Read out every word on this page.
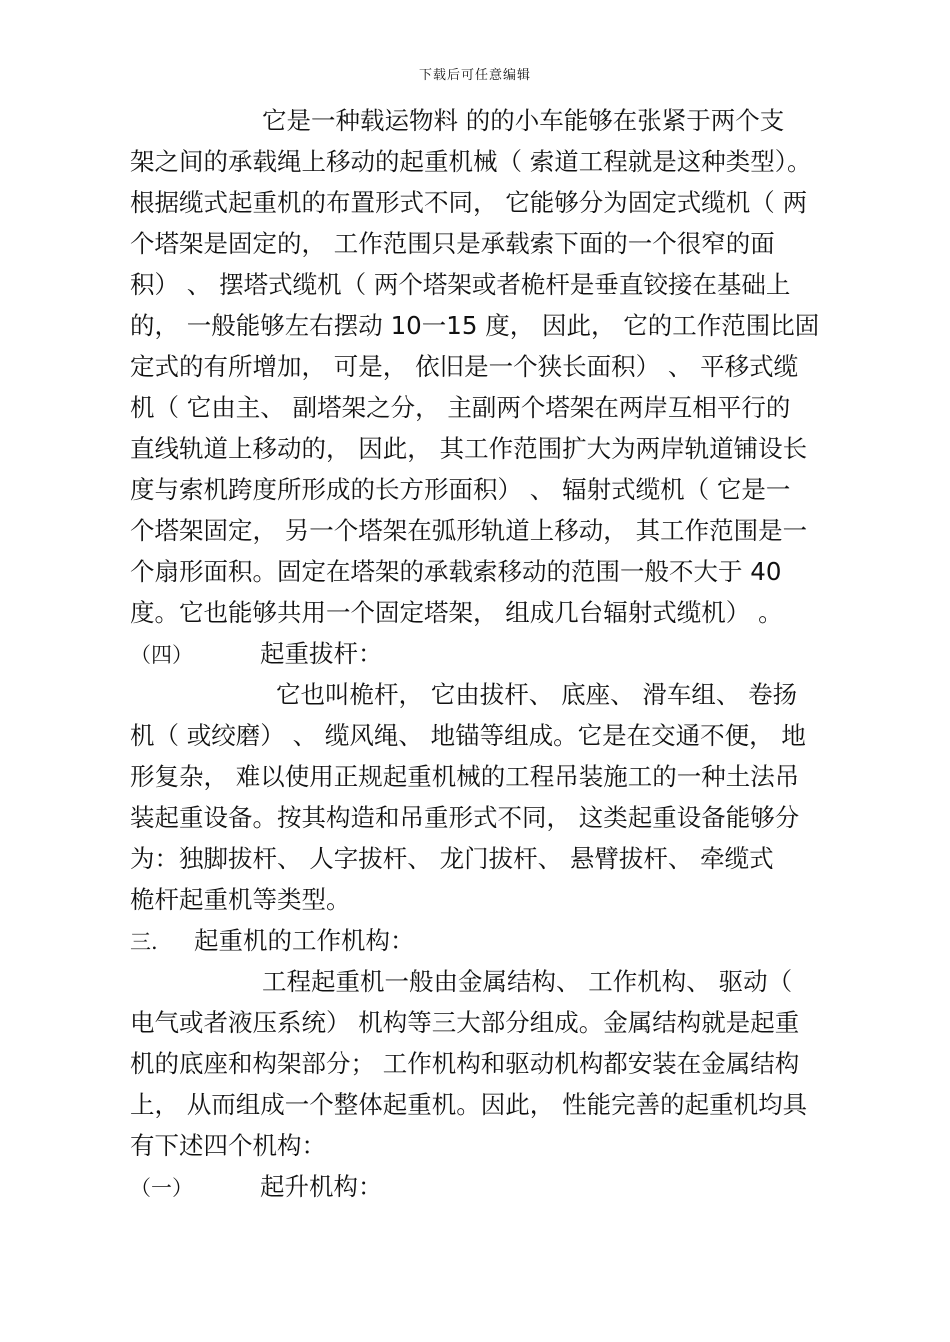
下载后可任意编辑
它是一种载运物料 的的小车能够在张紧于两个支
架之间的承载绳上移动的起重机械（ 索道工程就是这种类型）。
根据缆式起重机的布置形式不同， 它能够分为固定式缆机（ 两
个塔架是固定的， 工作范围只是承载索下面的一个很窄的面
积） 、 摆塔式缆机（ 两个塔架或者桅杆是垂直铰接在基础上
的， 一般能够左右摆动 10一15 度， 因此， 它的工作范围比固
定式的有所增加， 可是， 依旧是一个狭长面积） 、 平移式缆
机（ 它由主、 副塔架之分， 主副两个塔架在两岸互相平行的
直线轨道上移动的， 因此， 其工作范围扩大为两岸轨道铺设长
度与索机跨度所形成的长方形面积） 、 辐射式缆机（ 它是一
个塔架固定， 另一个塔架在弧形轨道上移动， 其工作范围是一
个扇形面积。固定在塔架的承载索移动的范围一般不大于 40
度。它也能够共用一个固定塔架， 组成几台辐射式缆机） 。
（四）	起重拔杆：
它也叫桅杆， 它由拔杆、 底座、 滑车组、 卷扬
机（ 或绞磨） 、 缆风绳、 地锚等组成。它是在交通不便， 地
形复杂， 难以使用正规起重机械的工程吊装施工的一种土法吊
装起重设备。按其构造和吊重形式不同， 这类起重设备能够分
为：独脚拔杆、 人字拔杆、 龙门拔杆、 悬臂拔杆、 牵缆式
桅杆起重机等类型。
三. 起重机的工作机构：
工程起重机一般由金属结构、 工作机构、 驱动（
电气或者液压系统） 机构等三大部分组成。金属结构就是起重
机的底座和构架部分； 工作机构和驱动机构都安装在金属结构
上， 从而组成一个整体起重机。因此， 性能完善的起重机均具
有下述四个机构：
（一）	起升机构：
